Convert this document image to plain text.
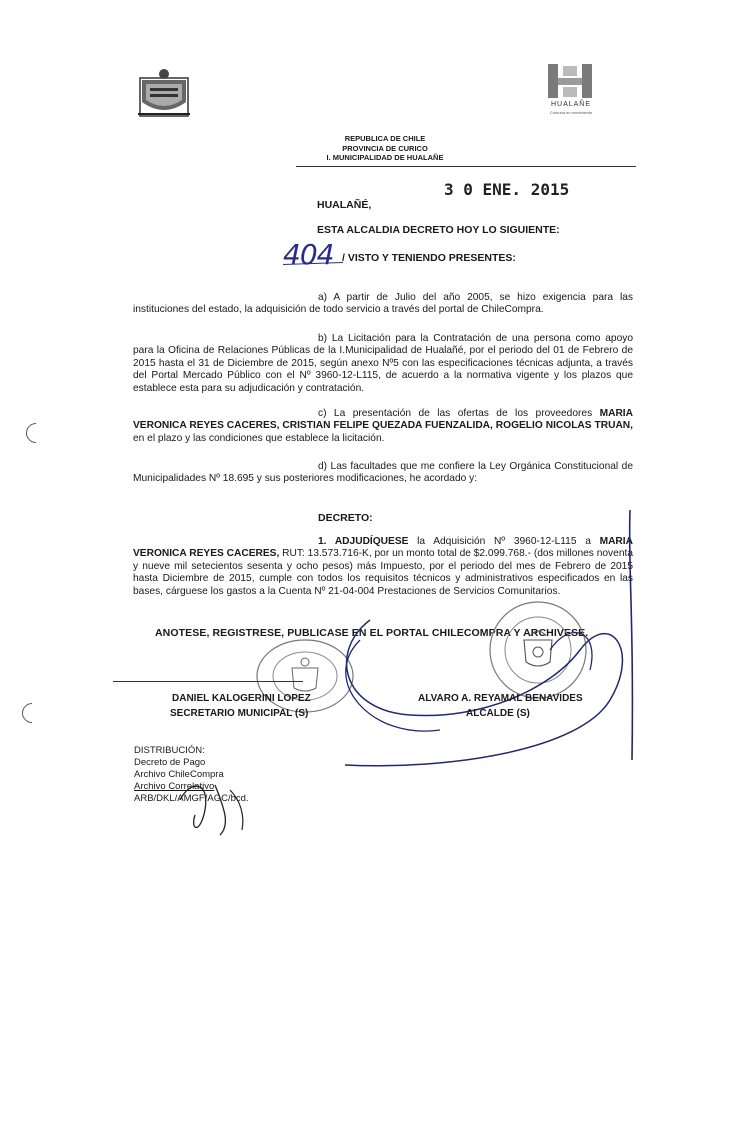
HUALAÑE
Comuna en movimiento
REPUBLICA DE CHILE
PROVINCIA DE CURICO
I. MUNICIPALIDAD DE HUALAÑE
3 0 ENE. 2015
HUALAÑÉ,
ESTA ALCALDIA DECRETO HOY LO SIGUIENTE:
404 / VISTO Y TENIENDO PRESENTES:
a) A partir de Julio del año 2005, se hizo exigencia para las instituciones del estado, la adquisición de todo servicio a través del portal de ChileCompra.
b) La Licitación para la Contratación de una persona como apoyo para la Oficina de Relaciones Públicas de la I.Municipalidad de Hualañé, por el periodo del 01 de Febrero de 2015 hasta el 31 de Diciembre de 2015, según anexo Nº5 con las especificaciones técnicas adjunta, a través del Portal Mercado Público con el Nº 3960-12-L115, de acuerdo a la normativa vigente y los plazos que establece esta para su adjudicación y contratación.
c) La presentación de las ofertas de los proveedores MARIA VERONICA REYES CACERES, CRISTIAN FELIPE QUEZADA FUENZALIDA, ROGELIO NICOLAS TRUAN, en el plazo y las condiciones que establece la licitación.
d) Las facultades que me confiere la Ley Orgánica Constitucional de Municipalidades Nº 18.695 y sus posteriores modificaciones, he acordado y:
DECRETO:
1. ADJUDÍQUESE la Adquisición Nº 3960-12-L115 a MARIA VERONICA REYES CACERES, RUT: 13.573.716-K, por un monto total de $2.099.768.- (dos millones noventa y nueve mil setecientos sesenta y ocho pesos) más Impuesto, por el periodo del mes de Febrero de 2015 hasta Diciembre de 2015, cumple con todos los requisitos técnicos y administrativos especificados en las bases, cárguese los gastos a la Cuenta Nº 21-04-004 Prestaciones de Servicios Comunitarios.
ANOTESE, REGISTRESE, PUBLICASE EN EL PORTAL CHILECOMPRA Y ARCHIVESE.
DANIEL KALOGERINI LOPEZ
SECRETARIO MUNICIPAL (S)
ALVARO A. REYAMAL BENAVIDES
ALCALDE (S)
DISTRIBUCIÓN:
Decreto de Pago
Archivo ChileCompra
Archivo Correlativo
ARB/DKL/AMGF/AGC/bcd.
